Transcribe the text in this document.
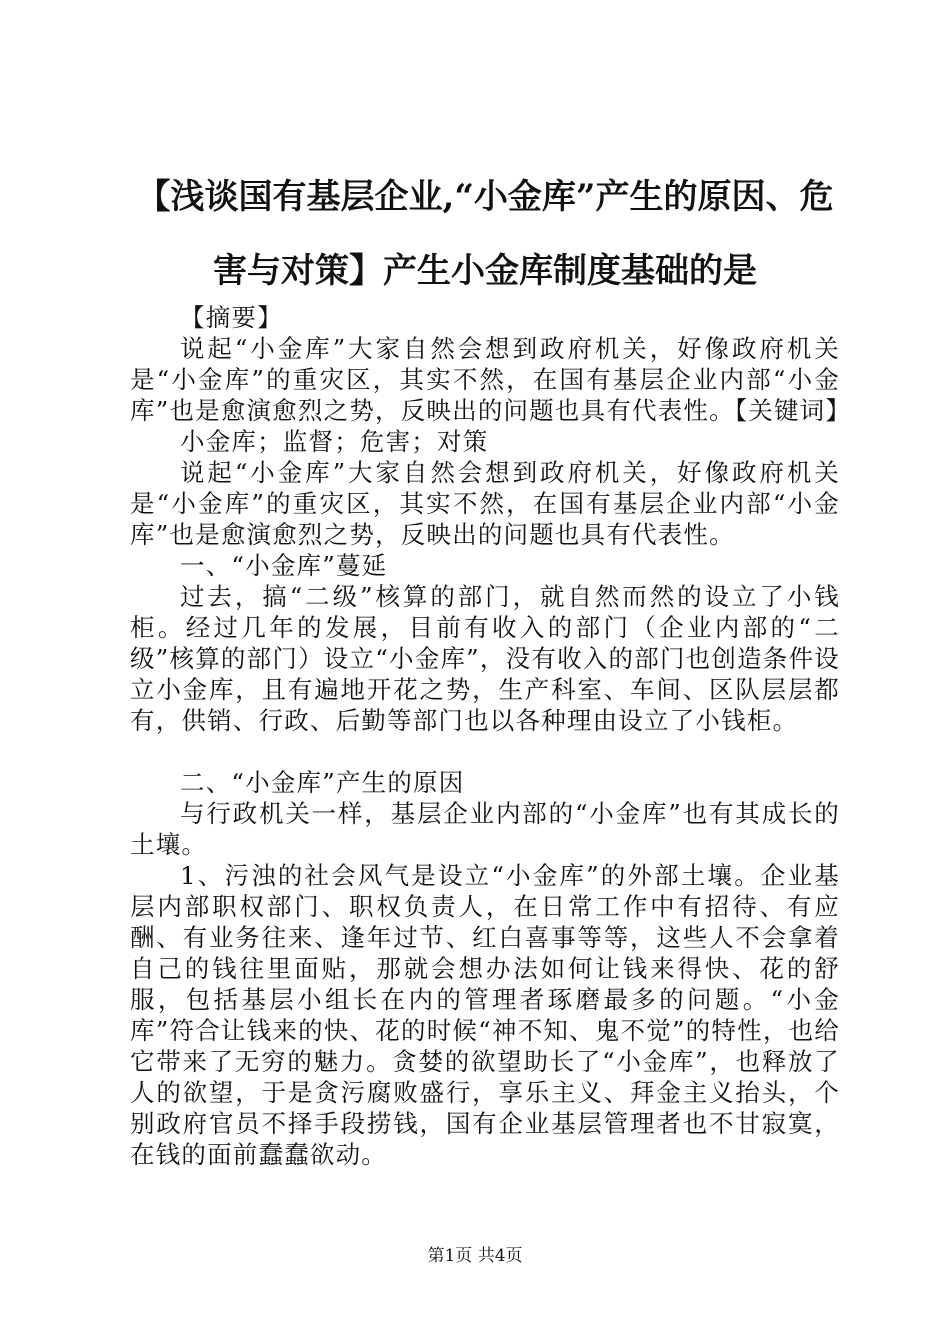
【浅谈国有基层企业,“小金库”产生的原因、危害与对策】产生小金库制度基础的是

【摘要】

说起“小金库”大家自然会想到政府机关，好像政府机关是“小金库”的重灾区，其实不然，在国有基层企业内部“小金库”也是愈演愈烈之势，反映出的问题也具有代表性。【关键词】

小金库；监督；危害；对策

说起“小金库”大家自然会想到政府机关，好像政府机关是“小金库”的重灾区，其实不然，在国有基层企业内部“小金库”也是愈演愈烈之势，反映出的问题也具有代表性。

一、“小金库”蔓延

过去，搞“二级”核算的部门，就自然而然的设立了小钱柜。经过几年的发展，目前有收入的部门（企业内部的“二级”核算的部门）设立“小金库”，没有收入的部门也创造条件设立小金库，且有遍地开花之势，生产科室、车间、区队层层都有，供销、行政、后勤等部门也以各种理由设立了小钱柜。

二、“小金库”产生的原因

与行政机关一样，基层企业内部的“小金库”也有其成长的土壤。

1、污浊的社会风气是设立“小金库”的外部土壤。企业基层内部职权部门、职权负责人，在日常工作中有招待、有应酬、有业务往来、逢年过节、红白喜事等等，这些人不会拿着自己的钱往里面贴，那就会想办法如何让钱来得快、花的舒服，包括基层小组长在内的管理者琢磨最多的问题。“小金库”符合让钱来的快、花的时候“神不知、鬼不觉”的特性，也给它带来了无穷的魅力。贪婪的欲望助长了“小金库”，也释放了人的欲望，于是贪污腐败盛行，享乐主义、拜金主义抬头，个别政府官员不择手段捞钱，国有企业基层管理者也不甘寂寞，在钱的面前蠢蠢欲动。

第1页 共4页
